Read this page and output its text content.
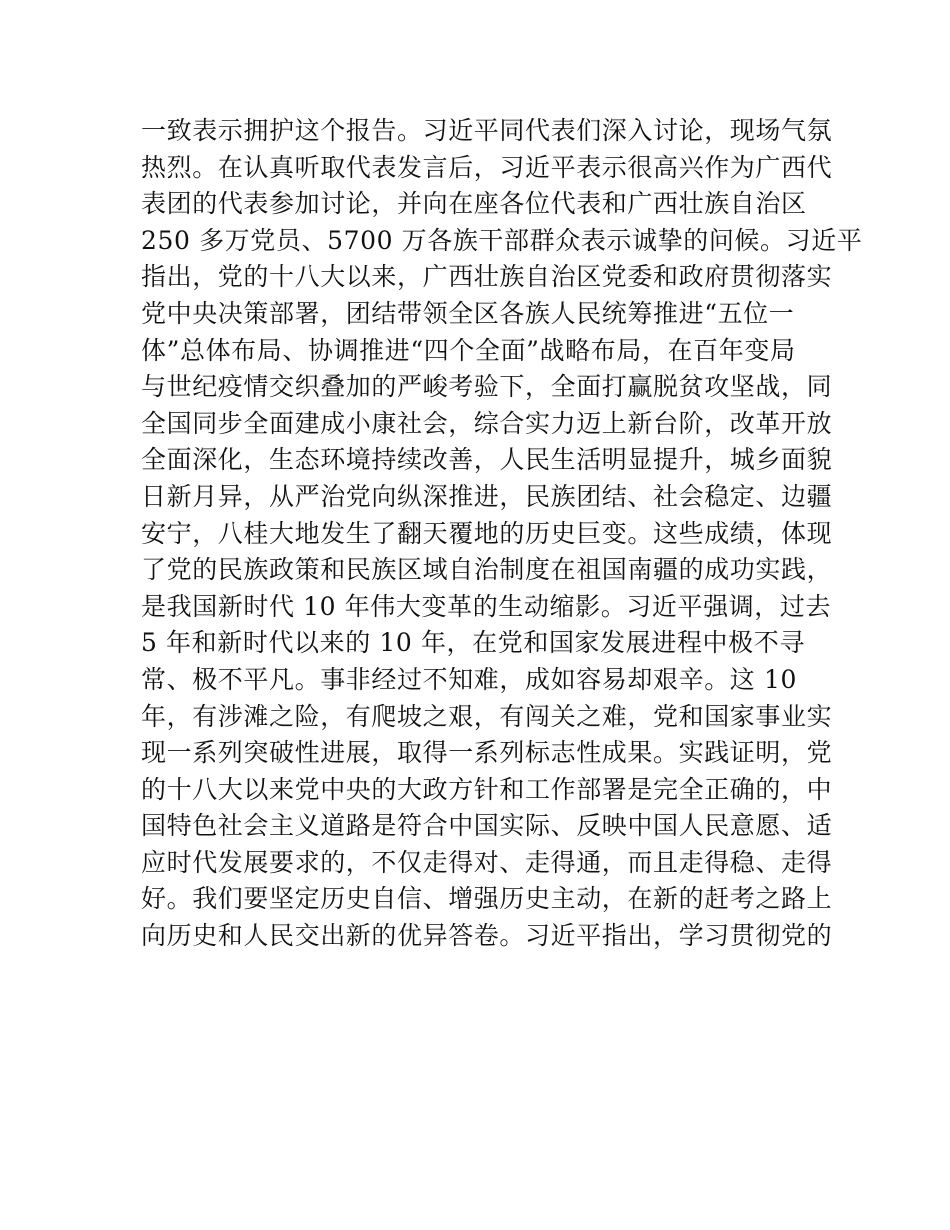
一致表示拥护这个报告。习近平同代表们深入讨论，现场气氛
热烈。在认真听取代表发言后，习近平表示很高兴作为广西代
表团的代表参加讨论，并向在座各位代表和广西壮族自治区
250 多万党员、5700 万各族干部群众表示诚挚的问候。习近平
指出，党的十八大以来，广西壮族自治区党委和政府贯彻落实
党中央决策部署，团结带领全区各族人民统筹推进“五位一
体”总体布局、协调推进“四个全面”战略布局，在百年变局
与世纪疫情交织叠加的严峻考验下，全面打赢脱贫攻坚战，同
全国同步全面建成小康社会，综合实力迈上新台阶，改革开放
全面深化，生态环境持续改善，人民生活明显提升，城乡面貌
日新月异，从严治党向纵深推进，民族团结、社会稳定、边疆
安宁，八桂大地发生了翻天覆地的历史巨变。这些成绩，体现
了党的民族政策和民族区域自治制度在祖国南疆的成功实践，
是我国新时代 10 年伟大变革的生动缩影。习近平强调，过去
5 年和新时代以来的 10 年，在党和国家发展进程中极不寻
常、极不平凡。事非经过不知难，成如容易却艰辛。这 10
年，有涉滩之险，有爬坡之艰，有闯关之难，党和国家事业实
现一系列突破性进展，取得一系列标志性成果。实践证明，党
的十八大以来党中央的大政方针和工作部署是完全正确的，中
国特色社会主义道路是符合中国实际、反映中国人民意愿、适
应时代发展要求的，不仅走得对、走得通，而且走得稳、走得
好。我们要坚定历史自信、增强历史主动，在新的赶考之路上
向历史和人民交出新的优异答卷。习近平指出，学习贯彻党的
